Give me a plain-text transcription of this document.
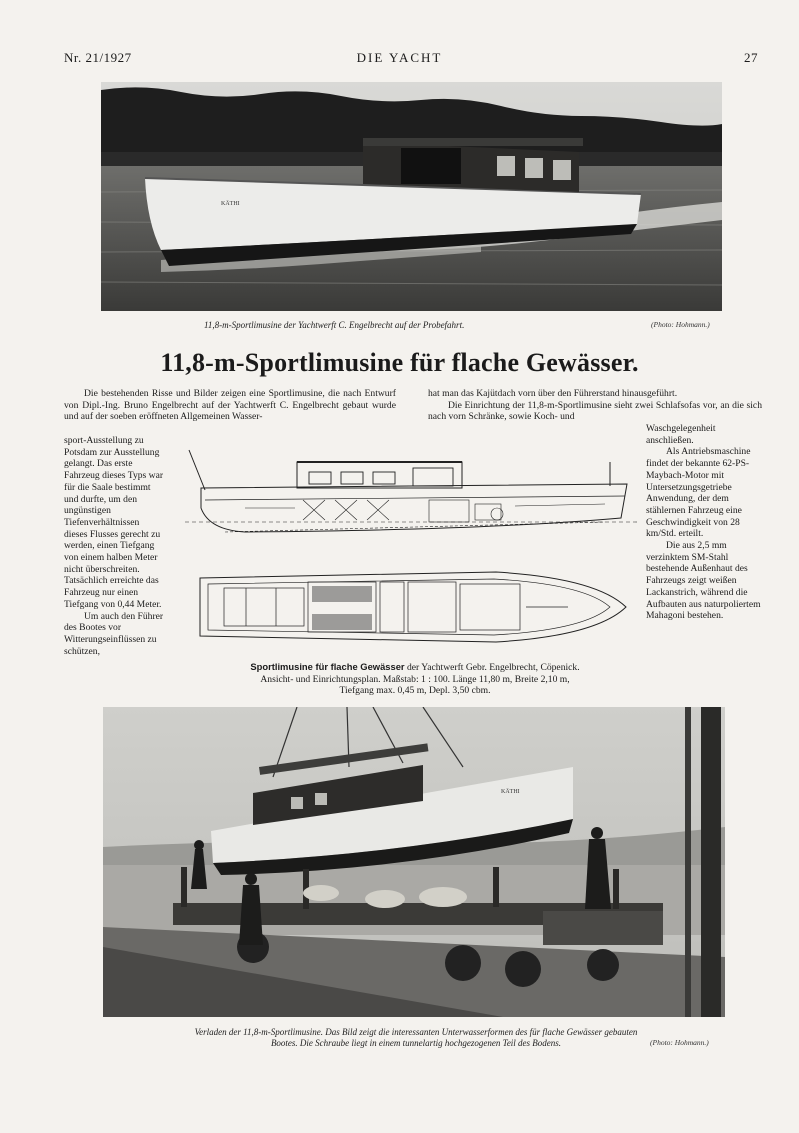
Nr. 21/1927	DIE YACHT	27
KÄTHI
11,8-m-Sportlimusine der Yachtwerft C. Engelbrecht auf der Probefahrt.	(Photo: Hohmann.)
11,8-m-Sportlimusine für flache Gewässer.

Die bestehenden Risse und Bilder zeigen eine Sportlimusine, die nach Entwurf von Dipl.-Ing. Bruno Engelbrecht auf der Yachtwerft C. Engelbrecht gebaut wurde und auf der soeben eröffneten Allgemeinen Wasser-

sport-Ausstellung zu Potsdam zur Ausstellung gelangt. Das erste Fahrzeug dieses Typs war für die Saale bestimmt und durfte, um den ungünstigen Tiefenverhältnissen dieses Flusses gerecht zu werden, einen Tiefgang von einem halben Meter nicht überschreiten. Tatsächlich erreichte das Fahrzeug nur einen Tiefgang von 0,44 Meter.

Um auch den Führer des Bootes vor Witterungseinflüssen zu schützen,

hat man das Kajütdach vorn über den Führerstand hinausgeführt.

Die Einrichtung der 11,8-m-Sportlimusine sieht zwei Schlafsofas vor, an die sich nach vorn Schränke, sowie Koch- und

Waschgelegenheit anschließen.

Als Antriebsmaschine findet der bekannte 62-PS-Maybach-Motor mit Untersetzungsgetriebe Anwendung, der dem stählernen Fahrzeug eine Geschwindigkeit von 28 km/Std. erteilt.

Die aus 2,5 mm verzinktem SM-Stahl bestehende Außenhaut des Fahrzeugs zeigt weißen Lackanstrich, während die Aufbauten aus naturpoliertem Mahagoni bestehen.

Sportlimusine für flache Gewässer der Yachtwerft Gebr. Engelbrecht, Cöpenick.
Ansicht- und Einrichtungsplan. Maßstab: 1 : 100. Länge 11,80 m, Breite 2,10 m,
Tiefgang max. 0,45 m, Depl. 3,50 cbm.
KÄTHI
Verladen der 11,8-m-Sportlimusine. Das Bild zeigt die interessanten Unterwasserformen des für flache Gewässer gebauten
Bootes. Die Schraube liegt in einem tunnelartig hochgezogenen Teil des Bodens.	(Photo: Hohmann.)
